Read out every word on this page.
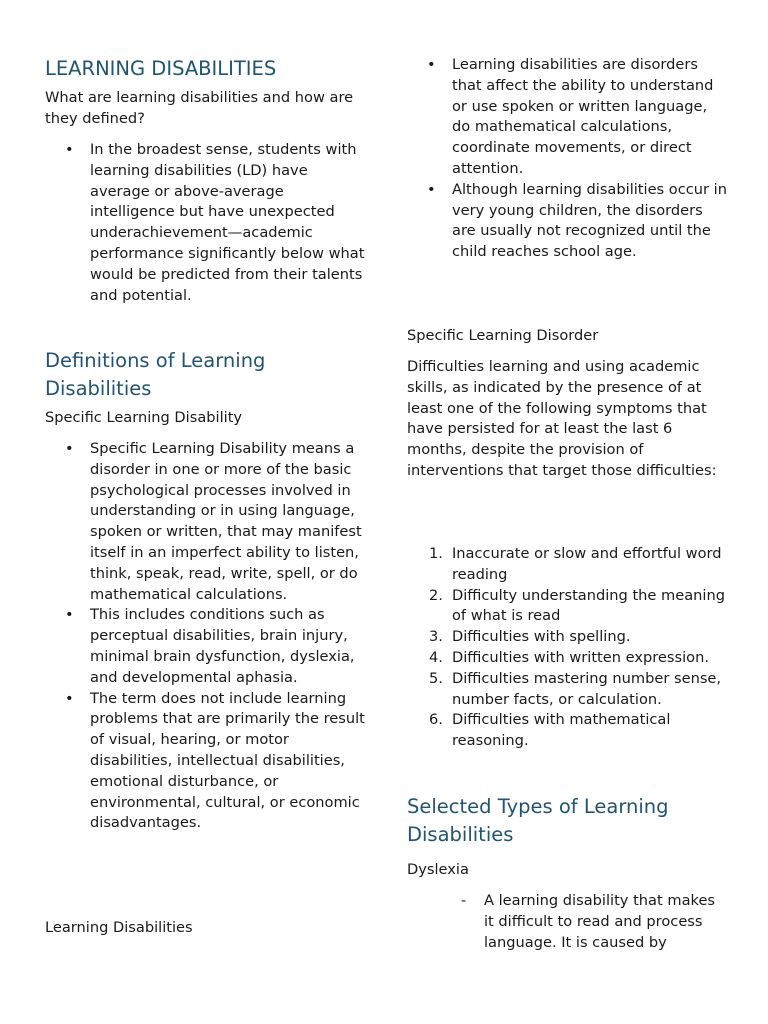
LEARNING DISABILITIES

What are learning disabilities and how are they defined?

• In the broadest sense, students with learning disabilities (LD) have average or above-average intelligence but have unexpected underachievement—academic performance significantly below what would be predicted from their talents and potential.
Definitions of Learning Disabilities

Specific Learning Disability

• Specific Learning Disability means a disorder in one or more of the basic psychological processes involved in understanding or in using language, spoken or written, that may manifest itself in an imperfect ability to listen, think, speak, read, write, spell, or do mathematical calculations.
• This includes conditions such as perceptual disabilities, brain injury, minimal brain dysfunction, dyslexia, and developmental aphasia.
• The term does not include learning problems that are primarily the result of visual, hearing, or motor disabilities, intellectual disabilities, emotional disturbance, or environmental, cultural, or economic disadvantages.

Learning Disabilities

• Learning disabilities are disorders that affect the ability to understand or use spoken or written language, do mathematical calculations, coordinate movements, or direct attention.
• Although learning disabilities occur in very young children, the disorders are usually not recognized until the child reaches school age.

Specific Learning Disorder

Difficulties learning and using academic skills, as indicated by the presence of at least one of the following symptoms that have persisted for at least the last 6 months, despite the provision of interventions that target those difficulties:

1. Inaccurate or slow and effortful word reading
2. Difficulty understanding the meaning of what is read
3. Difficulties with spelling.
4. Difficulties with written expression.
5. Difficulties mastering number sense, number facts, or calculation.
6. Difficulties with mathematical reasoning.
Selected Types of Learning Disabilities

Dyslexia

- A learning disability that makes it difficult to read and process language. It is caused by
